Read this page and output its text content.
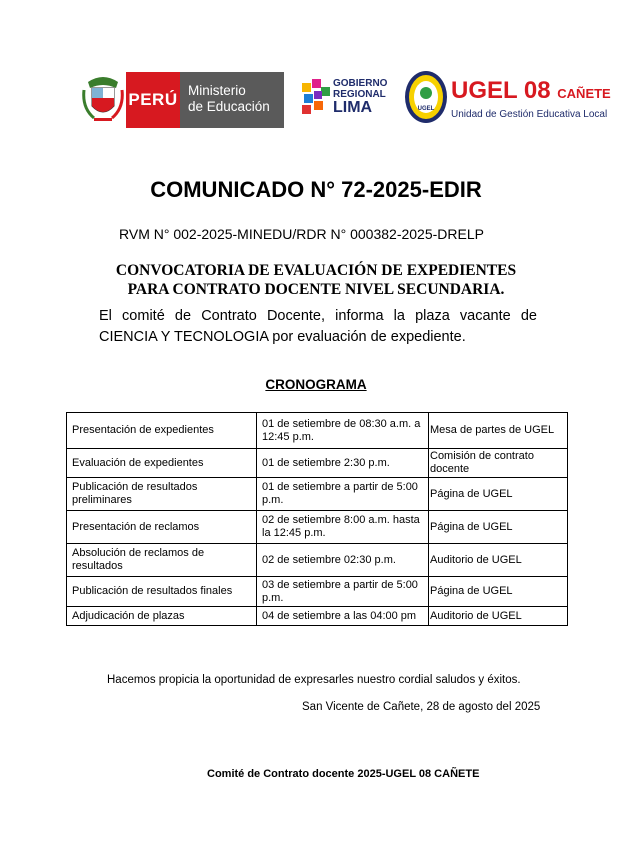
PERÚ Ministerio
de Educación
GOBIERNO
REGIONAL
LIMA	UGEL
UGEL 08 CAÑETE
Unidad de Gestión Educativa Local
COMUNICADO N° 72-2025-EDIR
RVM N° 002-2025-MINEDU/RDR N° 000382-2025-DRELP
CONVOCATORIA DE EVALUACIÓN DE EXPEDIENTES
PARA CONTRATO DOCENTE NIVEL SECUNDARIA.
El comité de Contrato Docente, informa la plaza vacante de CIENCIA Y TECNOLOGIA por evaluación de expediente.
CRONOGRAMA
Presentación de expedientes	01 de setiembre de 08:30 a.m. a 12:45 p.m.	Mesa de partes de UGEL
Evaluación de expedientes	01 de setiembre 2:30 p.m.	Comisión de contrato docente
Publicación de resultados preliminares	01 de setiembre a partir de 5:00 p.m.	Página de UGEL
Presentación de reclamos	02 de setiembre 8:00 a.m. hasta la 12:45 p.m.	Página de UGEL
Absolución de reclamos de resultados	02 de setiembre 02:30 p.m.	Auditorio de UGEL
Publicación de resultados finales	03 de setiembre a partir de 5:00 p.m.	Página de UGEL
Adjudicación de plazas	04 de setiembre a las 04:00 pm	Auditorio de UGEL
Hacemos propicia la oportunidad de expresarles nuestro cordial saludos y éxitos.
San Vicente de Cañete, 28 de agosto del 2025
Comité de Contrato docente 2025-UGEL 08 CAÑETE
